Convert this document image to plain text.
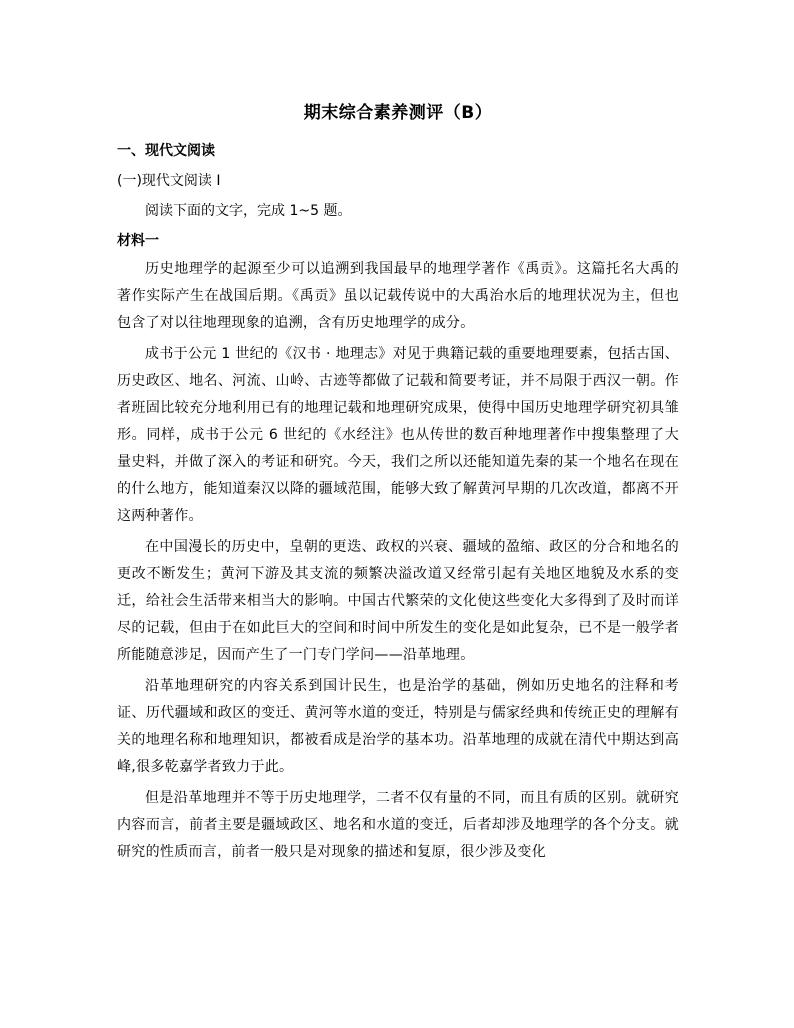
期末综合素养测评（B）

一、现代文阅读

(一)现代文阅读 I

阅读下面的文字，完成 1~5 题。

材料一

历史地理学的起源至少可以追溯到我国最早的地理学著作《禹贡》。这篇托名大禹的著作实际产生在战国后期。《禹贡》虽以记载传说中的大禹治水后的地理状况为主，但也包含了对以往地理现象的追溯，含有历史地理学的成分。

成书于公元 1 世纪的《汉书 · 地理志》对见于典籍记载的重要地理要素，包括古国、历史政区、地名、河流、山岭、古迹等都做了记载和简要考证，并不局限于西汉一朝。作者班固比较充分地利用已有的地理记载和地理研究成果，使得中国历史地理学研究初具雏形。同样，成书于公元 6 世纪的《水经注》也从传世的数百种地理著作中搜集整理了大量史料，并做了深入的考证和研究。今天，我们之所以还能知道先秦的某一个地名在现在的什么地方，能知道秦汉以降的疆域范围，能够大致了解黄河早期的几次改道，都离不开这两种著作。

在中国漫长的历史中，皇朝的更迭、政权的兴衰、疆域的盈缩、政区的分合和地名的更改不断发生；黄河下游及其支流的频繁决溢改道又经常引起有关地区地貌及水系的变迁，给社会生活带来相当大的影响。中国古代繁荣的文化使这些变化大多得到了及时而详尽的记载，但由于在如此巨大的空间和时间中所发生的变化是如此复杂，已不是一般学者所能随意涉足，因而产生了一门专门学问——沿革地理。

沿革地理研究的内容关系到国计民生，也是治学的基础，例如历史地名的注释和考证、历代疆域和政区的变迁、黄河等水道的变迁，特别是与儒家经典和传统正史的理解有关的地理名称和地理知识，都被看成是治学的基本功。沿革地理的成就在清代中期达到高峰,很多乾嘉学者致力于此。

但是沿革地理并不等于历史地理学，二者不仅有量的不同，而且有质的区别。就研究内容而言，前者主要是疆域政区、地名和水道的变迁，后者却涉及地理学的各个分支。就研究的性质而言，前者一般只是对现象的描述和复原，很少涉及变化
